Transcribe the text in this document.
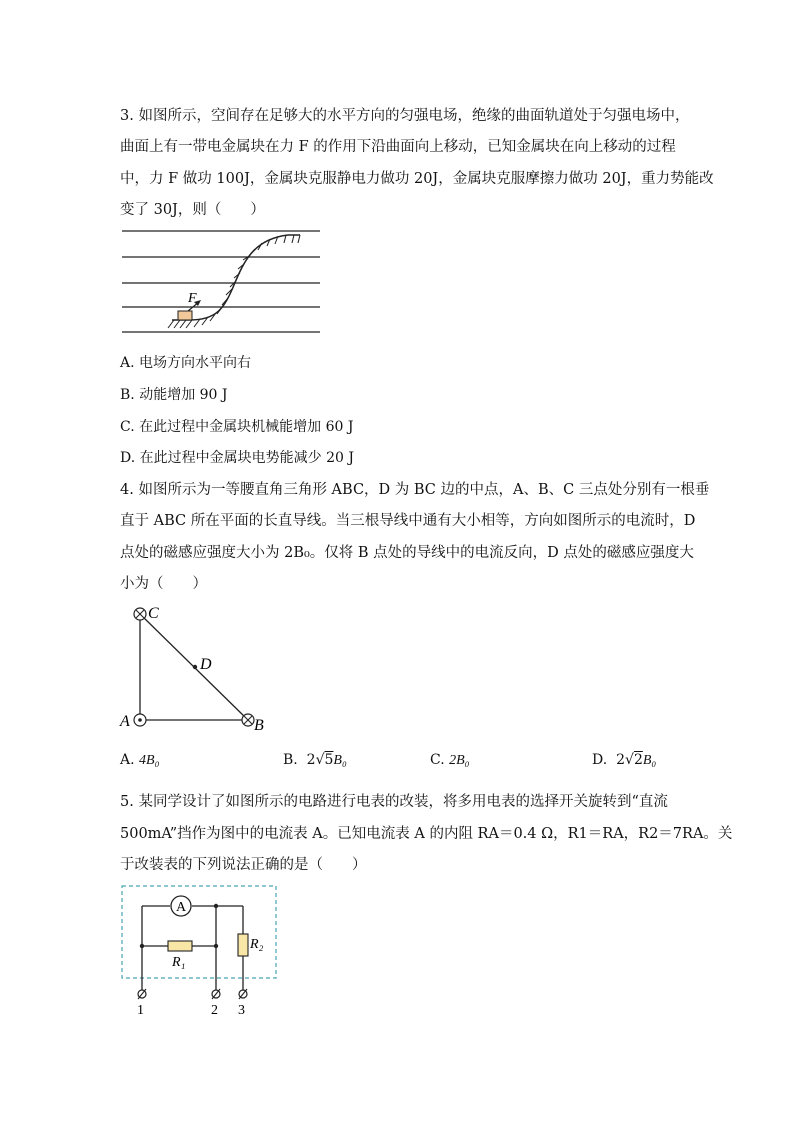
3. 如图所示，空间存在足够大的水平方向的匀强电场，绝缘的曲面轨道处于匀强电场中，
曲面上有一带电金属块在力 F 的作用下沿曲面向上移动，已知金属块在向上移动的过程
中，力 F 做功 100J，金属块克服静电力做功 20J，金属块克服摩擦力做功 20J，重力势能改
变了 30J，则（　　）
F
A. 电场方向水平向右
B. 动能增加 90 J
C. 在此过程中金属块机械能增加 60 J
D. 在此过程中金属块电势能减少 20 J
4. 如图所示为一等腰直角三角形 ABC，D 为 BC 边的中点，A、B、C 三点处分别有一根垂
直于 ABC 所在平面的长直导线。当三根导线中通有大小相等，方向如图所示的电流时，D
点处的磁感应强度大小为 2B₀。仅将 B 点处的导线中的电流反向，D 点处的磁感应强度大
小为（　　）
C
D
A	B
A. 4B₀	B. 2√5B₀	C. 2B₀	D. 2√2B₀
5. 某同学设计了如图所示的电路进行电表的改装，将多用电表的选择开关旋转到“直流
500mA”挡作为图中的电流表 A。已知电流表 A 的内阻 RA＝0.4 Ω，R1＝RA，R2＝7RA。关
于改装表的下列说法正确的是（　　）
A
R₁
R₂
1	2 3
